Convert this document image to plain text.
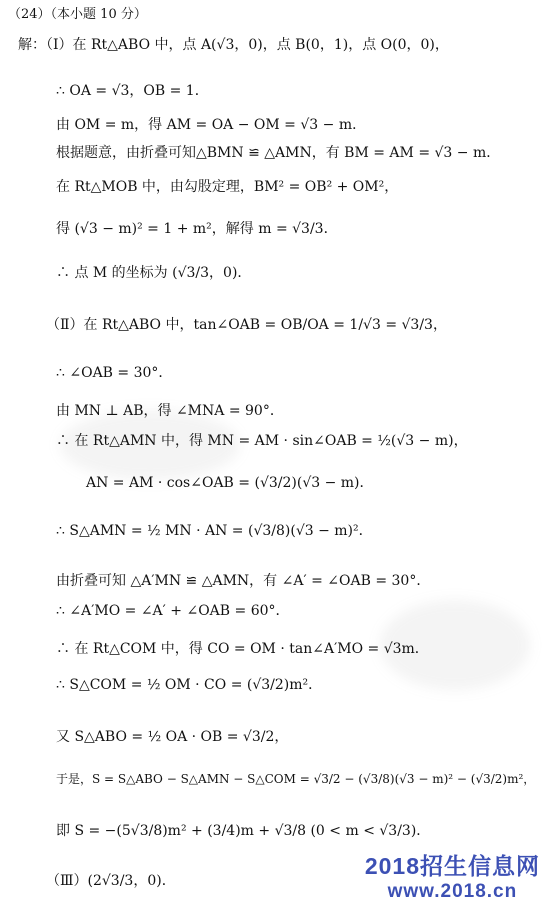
（24）（本小题 10 分）
解：（Ⅰ）在 Rt△ABO 中，点 A(√3，0)，点 B(0，1)，点 O(0，0)，
∴ OA = √3，OB = 1．
由 OM = m，得 AM = OA − OM = √3 − m．
根据题意，由折叠可知△BMN ≌ △AMN，有 BM = AM = √3 − m．
在 Rt△MOB 中，由勾股定理，BM² = OB² + OM²，
得 (√3 − m)² = 1 + m²，解得 m = √3/3．
∴ 点 M 的坐标为 (√3/3，0)．
（Ⅱ）在 Rt△ABO 中，tan∠OAB = OB/OA = 1/√3 = √3/3，
∴ ∠OAB = 30°．
由 MN ⊥ AB，得 ∠MNA = 90°．
∴ 在 Rt△AMN 中，得 MN = AM · sin∠OAB = ½(√3 − m)，
AN = AM · cos∠OAB = (√3/2)(√3 − m)．
∴ S△AMN = ½ MN · AN = (√3/8)(√3 − m)²．
由折叠可知 △A′MN ≌ △AMN，有 ∠A′ = ∠OAB = 30°．
∴ ∠A′MO = ∠A′ + ∠OAB = 60°．
∴ 在 Rt△COM 中，得 CO = OM · tan∠A′MO = √3m．
∴ S△COM = ½ OM · CO = (√3/2)m²．
又 S△ABO = ½ OA · OB = √3/2，
于是，S = S△ABO − S△AMN − S△COM = √3/2 − (√3/8)(√3 − m)² − (√3/2)m²，
即 S = −(5√3/8)m² + (3/4)m + √3/8 (0 < m < √3/3)．
（Ⅲ）(2√3/3，0)．
2018招生信息网
www.2018.cn
